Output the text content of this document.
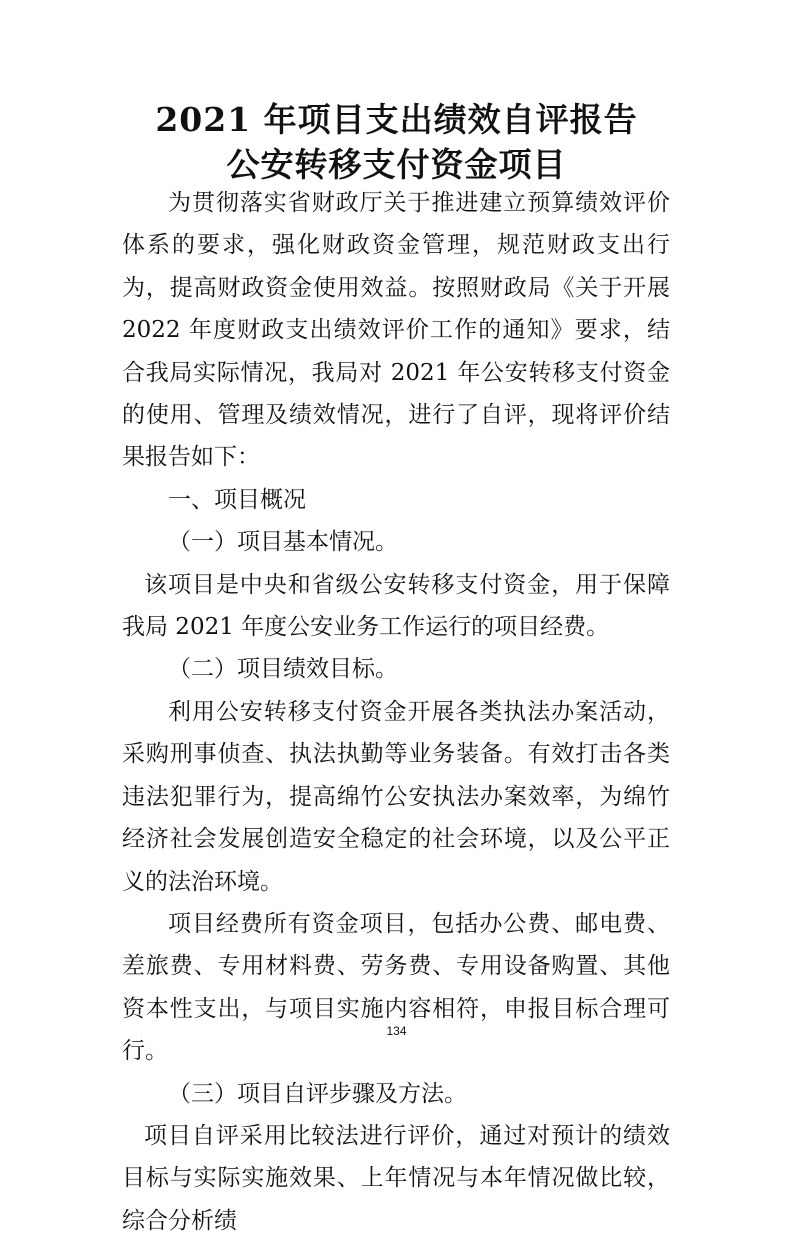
2021 年项目支出绩效自评报告
公安转移支付资金项目

为贯彻落实省财政厅关于推进建立预算绩效评价体系的要求，强化财政资金管理，规范财政支出行为，提高财政资金使用效益。按照财政局《关于开展 2022 年度财政支出绩效评价工作的通知》要求，结合我局实际情况，我局对 2021 年公安转移支付资金的使用、管理及绩效情况，进行了自评，现将评价结果报告如下：

一、项目概况

（一）项目基本情况。

该项目是中央和省级公安转移支付资金，用于保障我局 2021 年度公安业务工作运行的项目经费。

（二）项目绩效目标。

利用公安转移支付资金开展各类执法办案活动，采购刑事侦查、执法执勤等业务装备。有效打击各类违法犯罪行为，提高绵竹公安执法办案效率，为绵竹经济社会发展创造安全稳定的社会环境，以及公平正义的法治环境。

项目经费所有资金项目，包括办公费、邮电费、差旅费、专用材料费、劳务费、专用设备购置、其他资本性支出，与项目实施内容相符，申报目标合理可行。

（三）项目自评步骤及方法。

项目自评采用比较法进行评价，通过对预计的绩效目标与实际实施效果、上年情况与本年情况做比较，综合分析绩

134
